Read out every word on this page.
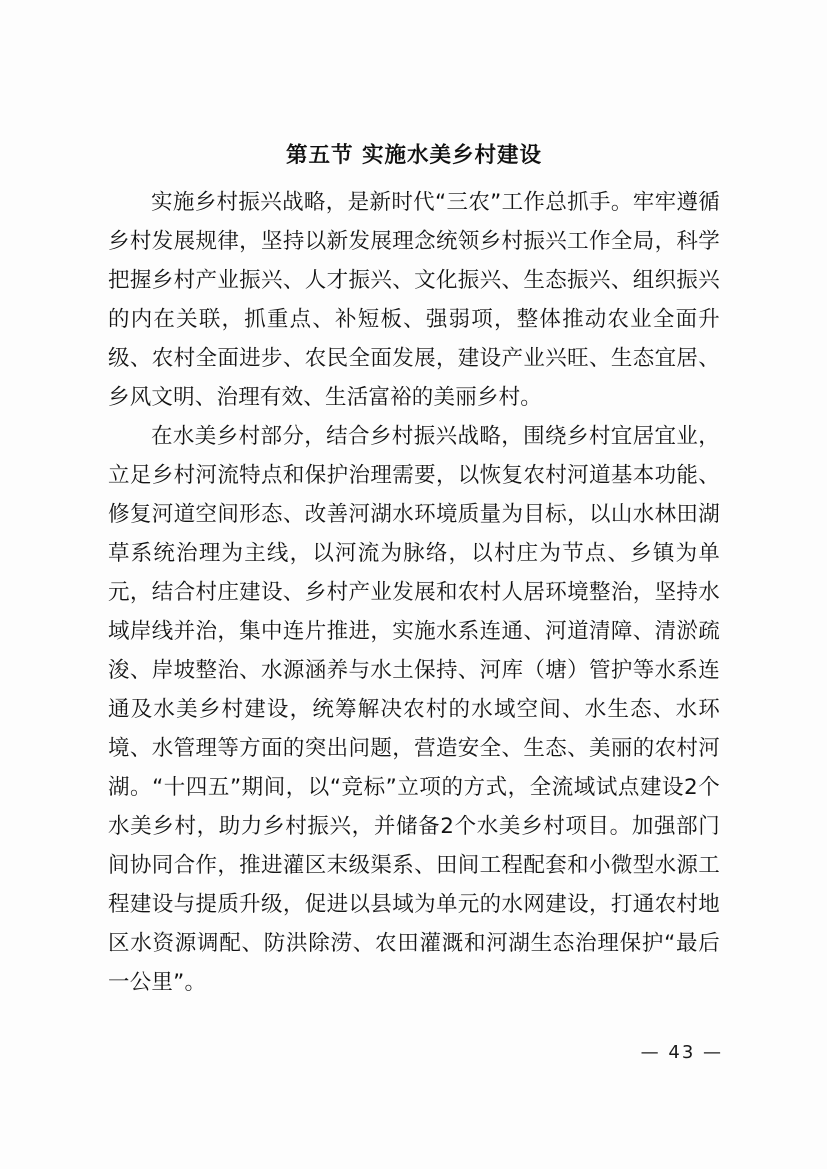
第五节 实施水美乡村建设

实施乡村振兴战略，是新时代“三农”工作总抓手。牢牢遵循乡村发展规律，坚持以新发展理念统领乡村振兴工作全局，科学把握乡村产业振兴、人才振兴、文化振兴、生态振兴、组织振兴的内在关联，抓重点、补短板、强弱项，整体推动农业全面升级、农村全面进步、农民全面发展，建设产业兴旺、生态宜居、乡风文明、治理有效、生活富裕的美丽乡村。

在水美乡村部分，结合乡村振兴战略，围绕乡村宜居宜业，立足乡村河流特点和保护治理需要，以恢复农村河道基本功能、修复河道空间形态、改善河湖水环境质量为目标，以山水林田湖草系统治理为主线，以河流为脉络，以村庄为节点、乡镇为单元，结合村庄建设、乡村产业发展和农村人居环境整治，坚持水域岸线并治，集中连片推进，实施水系连通、河道清障、清淤疏浚、岸坡整治、水源涵养与水土保持、河库（塘）管护等水系连通及水美乡村建设，统筹解决农村的水域空间、水生态、水环境、水管理等方面的突出问题，营造安全、生态、美丽的农村河湖。“十四五”期间，以“竞标”立项的方式，全流域试点建设2个水美乡村，助力乡村振兴，并储备2个水美乡村项目。加强部门间协同合作，推进灌区末级渠系、田间工程配套和小微型水源工程建设与提质升级，促进以县域为单元的水网建设，打通农村地区水资源调配、防洪除涝、农田灌溉和河湖生态治理保护“最后一公里”。

— 43 —
